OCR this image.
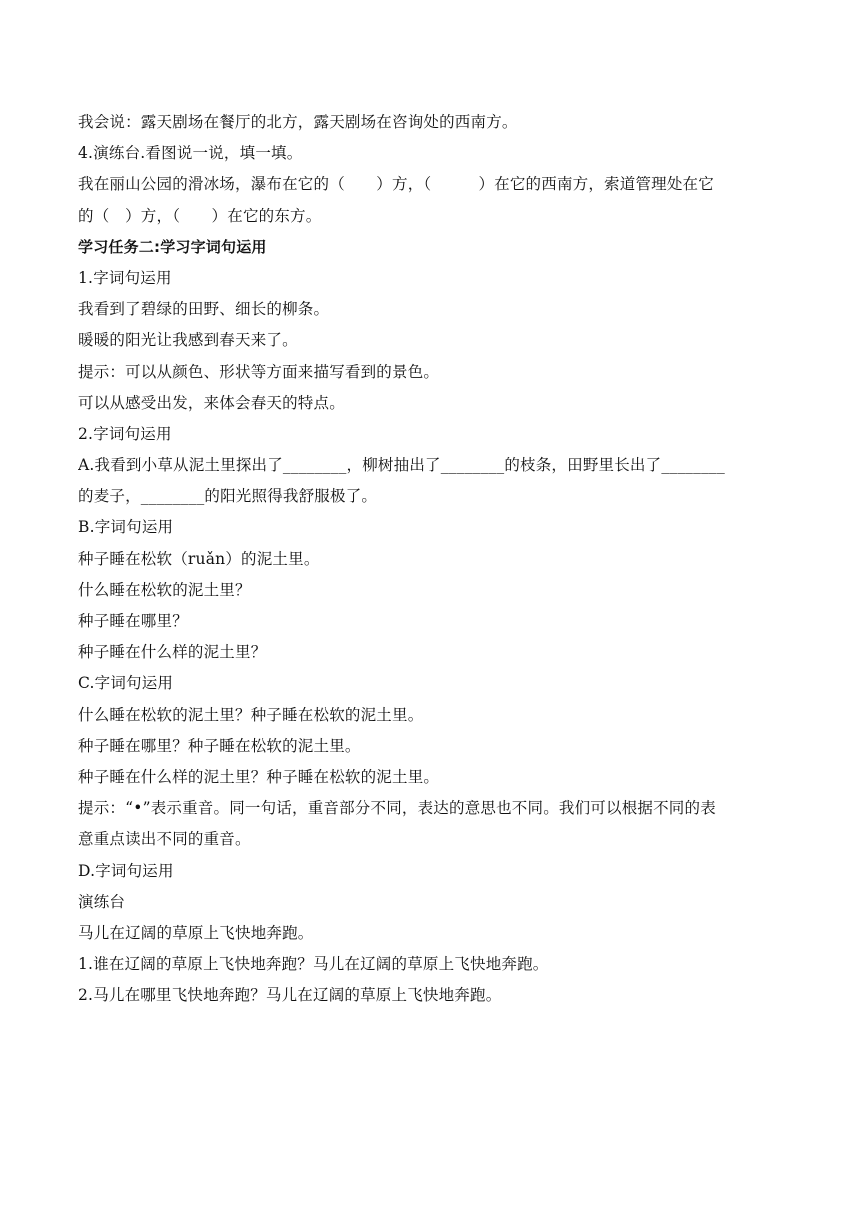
我会说：露天剧场在餐厅的北方，露天剧场在咨询处的西南方。
4.演练台.看图说一说，填一填。
我在丽山公园的滑冰场，瀑布在它的（　　）方，（　　　）在它的西南方，索道管理处在它
的（　）方，（　　）在它的东方。
学习任务二:学习字词句运用
1.字词句运用
我看到了碧绿的田野、细长的柳条。
暖暖的阳光让我感到春天来了。
提示：可以从颜色、形状等方面来描写看到的景色。
可以从感受出发，来体会春天的特点。
2.字词句运用
A.我看到小草从泥土里探出了________，柳树抽出了________的枝条，田野里长出了________
的麦子，________的阳光照得我舒服极了。
B.字词句运用
种子睡在松软（ruǎn）的泥土里。
什么睡在松软的泥土里？
种子睡在哪里？
种子睡在什么样的泥土里？
C.字词句运用
什么睡在松软的泥土里？种子睡在松软的泥土里。
种子睡在哪里？种子睡在松软的泥土里。
种子睡在什么样的泥土里？种子睡在松软的泥土里。
提示：“•”表示重音。同一句话，重音部分不同，表达的意思也不同。我们可以根据不同的表
意重点读出不同的重音。
D.字词句运用
演练台
马儿在辽阔的草原上飞快地奔跑。
1.谁在辽阔的草原上飞快地奔跑？马儿在辽阔的草原上飞快地奔跑。
2.马儿在哪里飞快地奔跑？马儿在辽阔的草原上飞快地奔跑。
